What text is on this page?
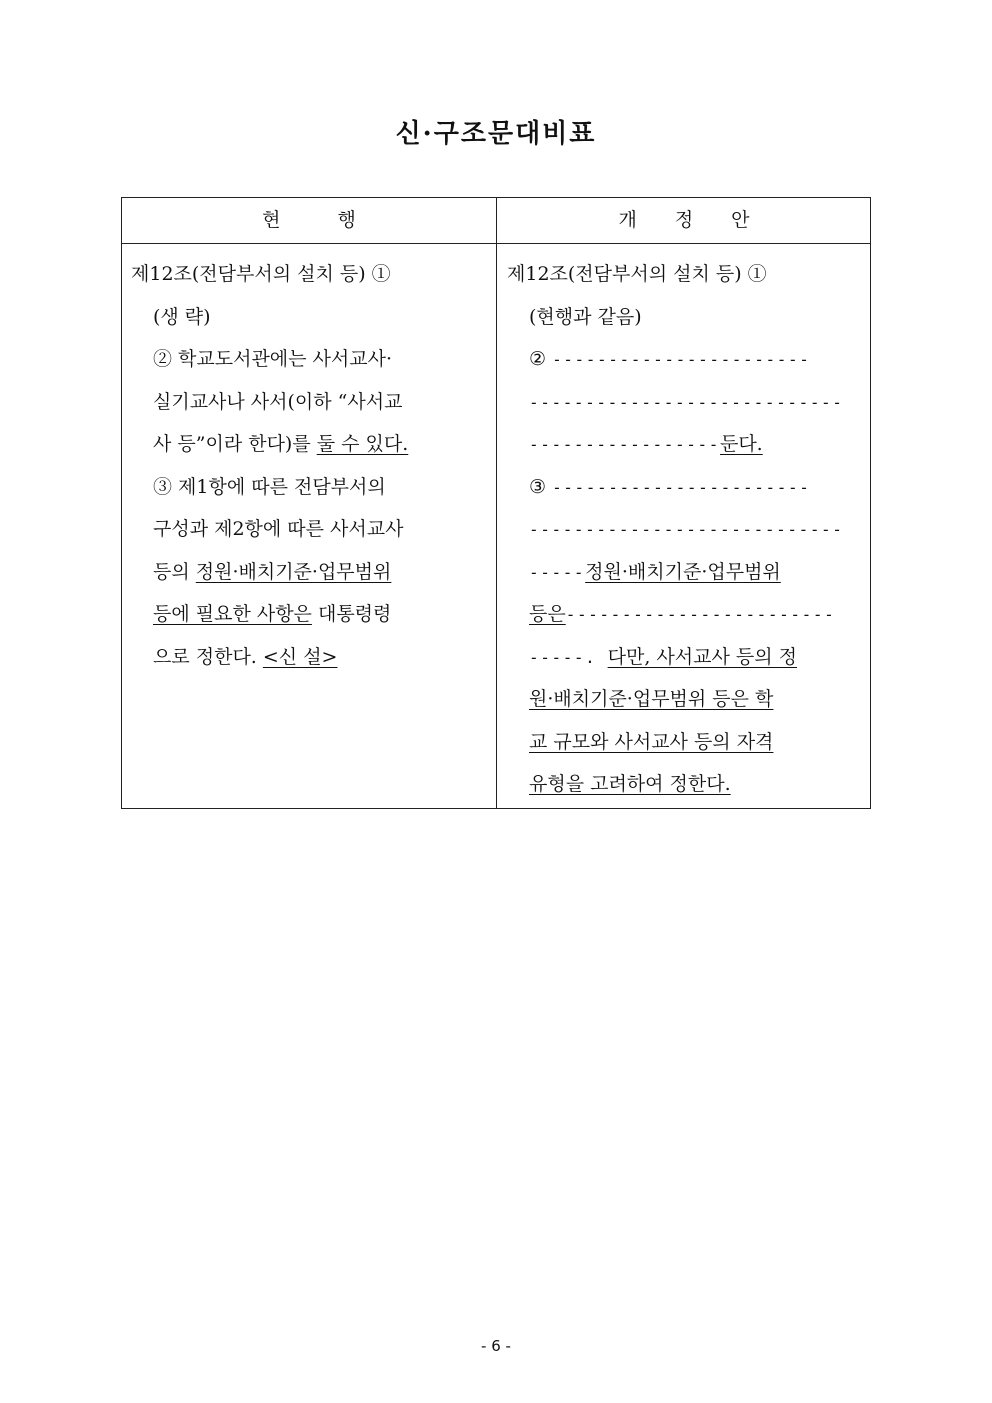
신·구조문대비표
현　　　행	개　　정　　안
제12조(전담부서의 설치 등) ①
(생 략)
② 학교도서관에는 사서교사·
실기교사나 사서(이하 “사서교
사 등”이라 한다)를 둘 수 있다.
③ 제1항에 따른 전담부서의
구성과 제2항에 따른 사서교사
등의 정원·배치기준·업무범위
등에 필요한 사항은 대통령령
으로 정한다. <신 설>
제12조(전담부서의 설치 등) ①
(현행과 같음)
② -----------------------
----------------------------
-----------------둔다.
③ -----------------------
----------------------------
-----정원·배치기준·업무범위
등은------------------------
-----. 다만, 사서교사 등의 정
원·배치기준·업무범위 등은 학
교 규모와 사서교사 등의 자격
유형을 고려하여 정한다.
- 6 -
